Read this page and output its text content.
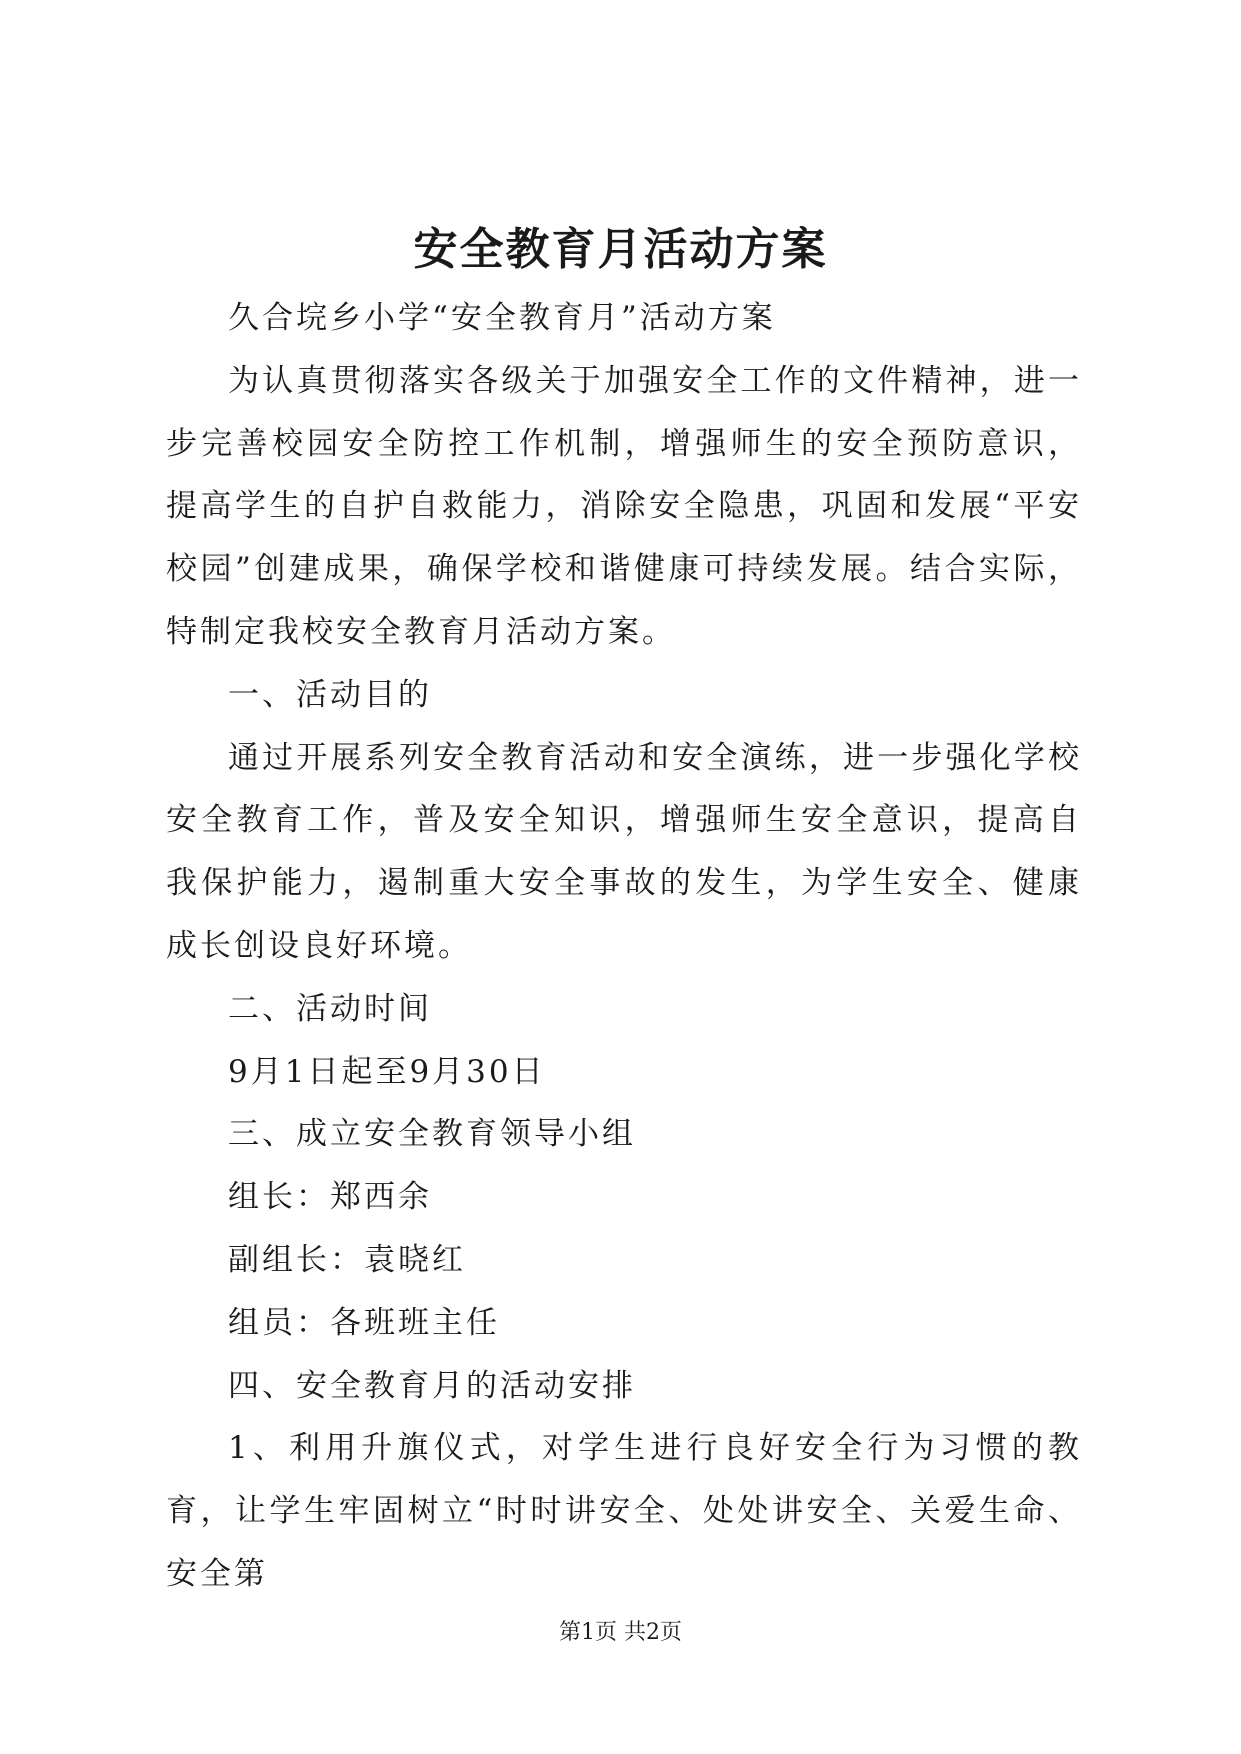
安全教育月活动方案

久合垸乡小学“安全教育月”活动方案

为认真贯彻落实各级关于加强安全工作的文件精神，进一步完善校园安全防控工作机制，增强师生的安全预防意识，提高学生的自护自救能力，消除安全隐患，巩固和发展“平安校园”创建成果，确保学校和谐健康可持续发展。结合实际，特制定我校安全教育月活动方案。

一、活动目的

通过开展系列安全教育活动和安全演练，进一步强化学校安全教育工作，普及安全知识，增强师生安全意识，提高自我保护能力，遏制重大安全事故的发生，为学生安全、健康成长创设良好环境。

二、活动时间

9月1日起至9月30日

三、成立安全教育领导小组

组长：郑西余

副组长：袁晓红

组员：各班班主任

四、安全教育月的活动安排

1、利用升旗仪式，对学生进行良好安全行为习惯的教育，让学生牢固树立“时时讲安全、处处讲安全、关爱生命、安全第

第1页 共2页
